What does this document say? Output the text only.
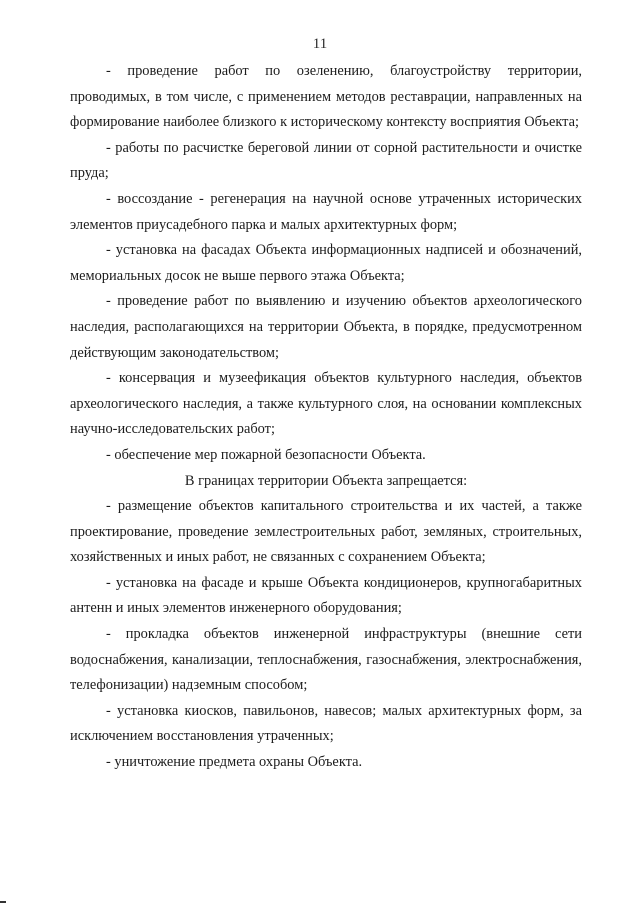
11

- проведение работ по озеленению, благоустройству территории, проводимых, в том числе, с применением методов реставрации, направленных на формирование наиболее близкого к историческому контексту восприятия Объекта;

- работы по расчистке береговой линии от сорной растительности и очистке пруда;

- воссоздание - регенерация на научной основе утраченных исторических элементов приусадебного парка и малых архитектурных форм;

- установка на фасадах Объекта информационных надписей и обозначений, мемориальных досок не выше первого этажа Объекта;

- проведение работ по выявлению и изучению объектов археологического наследия, располагающихся на территории Объекта, в порядке, предусмотренном действующим законодательством;

- консервация и музеефикация объектов культурного наследия, объектов археологического наследия, а также культурного слоя, на основании комплексных научно-исследовательских работ;

- обеспечение мер пожарной безопасности Объекта.

В границах территории Объекта запрещается:

- размещение объектов капитального строительства и их частей, а также проектирование, проведение землестроительных работ, земляных, строительных, хозяйственных и иных работ, не связанных с сохранением Объекта;

- установка на фасаде и крыше Объекта кондиционеров, крупногабаритных антенн и иных элементов инженерного оборудования;

- прокладка объектов инженерной инфраструктуры (внешние сети водоснабжения, канализации, теплоснабжения, газоснабжения, электроснабжения, телефонизации) надземным способом;

- установка киосков, павильонов, навесов; малых архитектурных форм, за исключением восстановления утраченных;

- уничтожение предмета охраны Объекта.
